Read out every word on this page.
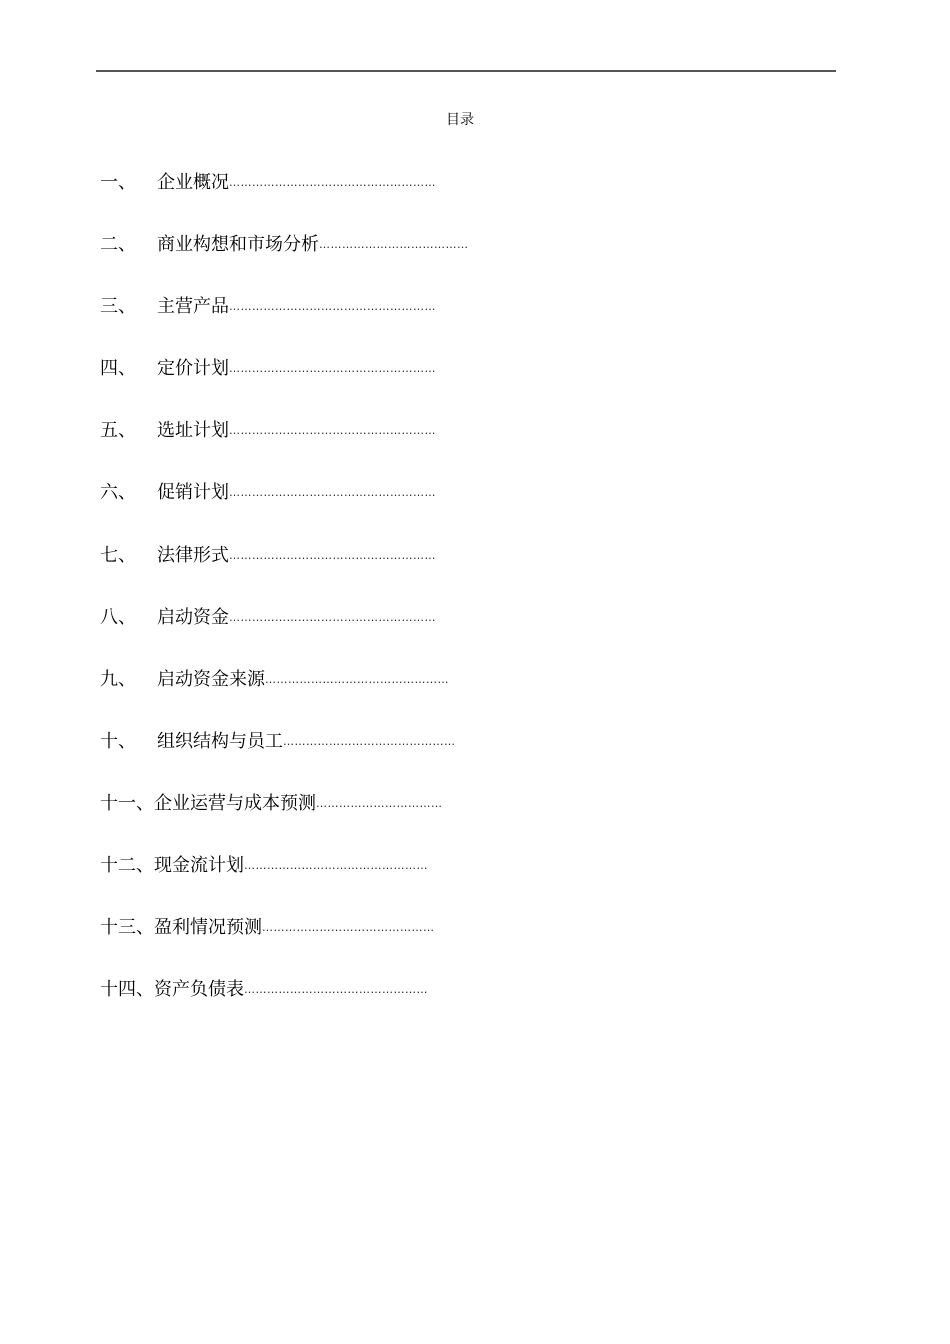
目录
一、	企业概况 ………………………………………………
二、	商业构想和市场分析 …………………………………
三、	主营产品 ………………………………………………
四、	定价计划 ………………………………………………
五、	选址计划 ………………………………………………
六、	促销计划 ………………………………………………
七、	法律形式 ………………………………………………
八、	启动资金 ………………………………………………
九、	启动资金来源 …………………………………………
十、	组织结构与员工 ………………………………………
十一、 企业运营与成本预测 ……………………………
十二、 现金流计划 …………………………………………
十三、 盈利情况预测 ………………………………………
十四、 资产负债表 …………………………………………
